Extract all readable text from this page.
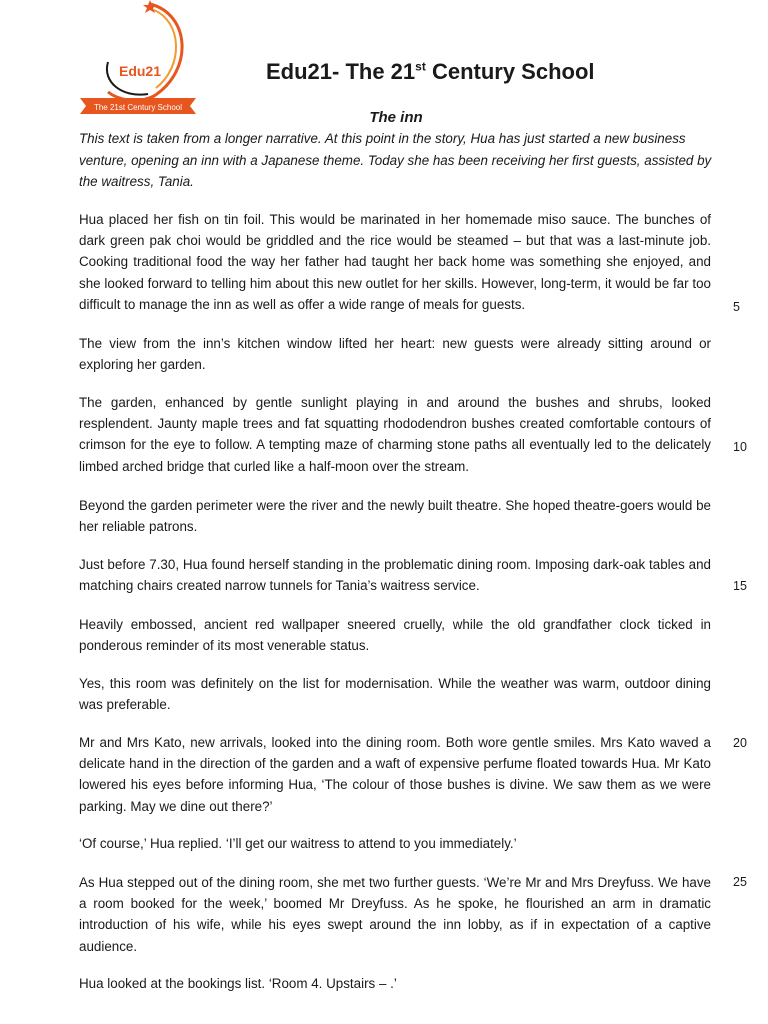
Edu21
The 21st Century School
Edu21- The 21st Century School
The inn
This text is taken from a longer narrative. At this point in the story, Hua has just started a new business venture, opening an inn with a Japanese theme. Today she has been receiving her first guests, assisted by the waitress, Tania.
Hua placed her fish on tin foil. This would be marinated in her homemade miso sauce. The bunches of dark green pak choi would be griddled and the rice would be steamed – but that was a last-minute job. Cooking traditional food the way her father had taught her back home was something she enjoyed, and she looked forward to telling him about this new outlet for her skills. However, long-term, it would be far too difficult to manage the inn as well as offer a wide range of meals for guests.
The view from the inn’s kitchen window lifted her heart: new guests were already sitting around or exploring her garden.
The garden, enhanced by gentle sunlight playing in and around the bushes and shrubs, looked resplendent. Jaunty maple trees and fat squatting rhododendron bushes created comfortable contours of crimson for the eye to follow. A tempting maze of charming stone paths all eventually led to the delicately limbed arched bridge that curled like a half-moon over the stream.
Beyond the garden perimeter were the river and the newly built theatre. She hoped theatre-goers would be her reliable patrons.
Just before 7.30, Hua found herself standing in the problematic dining room. Imposing dark-oak tables and matching chairs created narrow tunnels for Tania’s waitress service.
Heavily embossed, ancient red wallpaper sneered cruelly, while the old grandfather clock ticked in ponderous reminder of its most venerable status.
Yes, this room was definitely on the list for modernisation. While the weather was warm, outdoor dining was preferable.
Mr and Mrs Kato, new arrivals, looked into the dining room. Both wore gentle smiles. Mrs Kato waved a delicate hand in the direction of the garden and a waft of expensive perfume floated towards Hua. Mr Kato lowered his eyes before informing Hua, ‘The colour of those bushes is divine. We saw them as we were parking. May we dine out there?’
‘Of course,’ Hua replied. ‘I’ll get our waitress to attend to you immediately.’
As Hua stepped out of the dining room, she met two further guests. ‘We’re Mr and Mrs Dreyfuss. We have a room booked for the week,’ boomed Mr Dreyfuss. As he spoke, he flourished an arm in dramatic introduction of his wife, while his eyes swept around the inn lobby, as if in expectation of a captive audience.
Hua looked at the bookings list. ‘Room 4. Upstairs – .’
5
10
15
20
25
